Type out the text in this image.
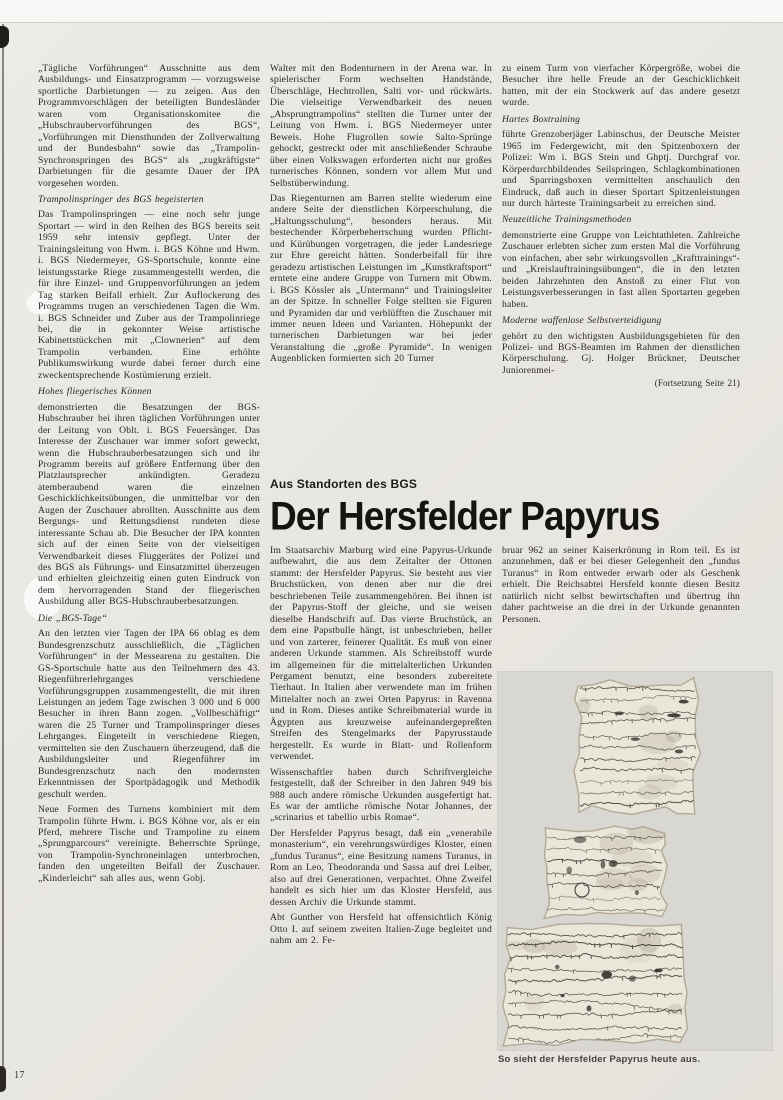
„Tägliche Vorführungen“ Ausschnitte aus dem Ausbildungs- und Einsatzprogramm — vorzugsweise sportliche Darbietungen — zu zeigen. Aus den Programmvorschlägen der beteiligten Bundesländer waren vom Organisationskomitee die „Hubschraubervorführungen des BGS“, „Vorführungen mit Diensthunden der Zollverwaltung und der Bundesbahn“ sowie das „Trampolin-Synchronspringen des BGS“ als „zugkräftigste“ Darbietungen für die gesamte Dauer der IPA vorgesehen worden.

Trampolinspringer des BGS begeisterten

Das Trampolinspringen — eine noch sehr junge Sportart — wird in den Reihen des BGS bereits seit 1959 sehr intensiv gepflegt. Unter der Trainingsleitung von Hwm. i. BGS Köhne und Hwm. i. BGS Niedermeyer, GS-Sportschule, konnte eine leistungsstarke Riege zusammengestellt werden, die für ihre Einzel- und Gruppenvorführungen an jedem Tag starken Beifall erhielt. Zur Auflockerung des Programms trugen an verschiedenen Tagen die Wm. i. BGS Schneider und Zuber aus der Trampolinriege bei, die in gekonnter Weise artistische Kabinettstückchen mit „Clownerien“ auf dem Trampolin verbanden. Eine erhöhte Publikumswirkung wurde dabei ferner durch eine zweckentsprechende Kostümierung erzielt.

Hohes fliegerisches Können

demonstrierten die Besatzungen der BGS-Hubschrauber bei ihren täglichen Vorführungen unter der Leitung von Oblt. i. BGS Feuersänger. Das Interesse der Zuschauer war immer sofort geweckt, wenn die Hubschrauberbesatzungen sich und ihr Programm bereits auf größere Entfernung über den Platzlautsprecher ankündigten. Geradezu atemberaubend waren die einzelnen Geschicklichkeitsübungen, die unmittelbar vor den Augen der Zuschauer abrollten. Ausschnitte aus dem Bergungs- und Rettungsdienst rundeten diese interessante Schau ab. Die Besucher der IPA konnten sich auf der einen Seite von der vielseitigen Verwendbarkeit dieses Fluggerätes der Polizei und des BGS als Führungs- und Einsatzmittel überzeugen und erhielten gleichzeitig einen guten Eindruck von dem hervorragenden Stand der fliegerischen Ausbildung aller BGS-Hubschrauberbesatzungen.

Die „BGS-Tage“

An den letzten vier Tagen der IPA 66 oblag es dem Bundesgrenzschutz ausschließlich, die „Täglichen Vorführungen“ in der Messearena zu gestalten. Die GS-Sportschule hatte aus den Teilnehmern des 43. Riegenführerlehrganges verschiedene Vorführungsgruppen zusammengestellt, die mit ihren Leistungen an jedem Tage zwischen 3 000 und 6 000 Besucher in ihren Bann zogen. „Vollbeschäftigt“ waren die 25 Turner und Trampolinspringer dieses Lehrganges. Eingeteilt in verschiedene Riegen, vermittelten sie den Zuschauern überzeugend, daß die Ausbildungsleiter und Riegenführer im Bundesgrenzschutz nach den modernsten Erkenntnissen der Sportpädagogik und Methodik geschult werden.

Neue Formen des Turnens kombiniert mit dem Trampolin führte Hwm. i. BGS Köhne vor, als er ein Pferd, mehrere Tische und Trampoline zu einem „Sprungparcours“ vereinigte. Beherrschte Sprünge, von Trampolin-Synchroneinlagen unterbrochen, fanden den ungeteilten Beifall der Zuschauer. „Kinderleicht“ sah alles aus, wenn Gobj.

Walter mit den Bodenturnern in der Arena war. In spielerischer Form wechselten Handstände, Überschläge, Hechtrollen, Salti vor- und rückwärts. Die vielseitige Verwendbarkeit des neuen „Absprungtrampolins“ stellten die Turner unter der Leitung von Hwm. i. BGS Niedermeyer unter Beweis. Hohe Flugrollen sowie Salto-Sprünge gehockt, gestreckt oder mit anschließender Schraube über einen Volkswagen erforderten nicht nur großes turnerisches Können, sondern vor allem Mut und Selbstüberwindung.

Das Riegenturnen am Barren stellte wiederum eine andere Seite der dienstlichen Körperschulung, die „Haltungsschulung“, besonders heraus. Mit bestechender Körperbeherrschung wurden Pflicht- und Kürübungen vorgetragen, die jeder Landesriege zur Ehre gereicht hätten. Sonderbeifall für ihre geradezu artistischen Leistungen im „Kunstkraftsport“ erntete eine andere Gruppe von Turnern mit Obwm. i. BGS Kössler als „Untermann“ und Trainingsleiter an der Spitze. In schneller Folge stellten sie Figuren und Pyramiden dar und verblüfften die Zuschauer mit immer neuen Ideen und Varianten. Höhepunkt der turnerischen Darbietungen war bei jeder Veranstaltung die „große Pyramide“. In wenigen Augenblicken formierten sich 20 Turner

zu einem Turm von vierfacher Körpergröße, wobei die Besucher ihre helle Freude an der Geschicklichkeit hatten, mit der ein Stockwerk auf das andere gesetzt wurde.

Hartes Boxtraining

führte Grenzoberjäger Labinschus, der Deutsche Meister 1965 im Federgewicht, mit den Spitzenboxern der Polizei: Wm i. BGS Stein und Ghptj. Durchgraf vor. Körperdurchbildendes Seilspringen, Schlagkombinationen und Sparringsboxen vermittelten anschaulich den Eindruck, daß auch in dieser Sportart Spitzenleistungen nur durch härteste Trainingsarbeit zu erreichen sind.

Neuzeitliche Trainingsmethoden

demonstrierte eine Gruppe von Leichtathleten. Zahlreiche Zuschauer erlebten sicher zum ersten Mal die Vorführung von einfachen, aber sehr wirkungsvollen „Krafttrainings“- und „Kreislauftrainingsübungen“, die in den letzten beiden Jahrzehnten den Anstoß zu einer Flut von Leistungsverbesserungen in fast allen Sportarten gegeben haben.

Moderne waffenlose Selbstverteidigung

gehört zu den wichtigsten Ausbildungsgebieten für den Polizei- und BGS-Beamten im Rahmen der dienstlichen Körperschulung. Gj. Holger Brückner, Deutscher Juniorenmei-

(Fortsetzung Seite 21)

Aus Standorten des BGS

Der Hersfelder Papyrus

Im Staatsarchiv Marburg wird eine Papyrus-Urkunde aufbewahrt, die aus dem Zeitalter der Ottonen stammt: der Hersfelder Papyrus. Sie besteht aus vier Bruchstücken, von denen aber nur die drei beschriebenen Teile zusammengehören. Bei ihnen ist der Papyrus-Stoff der gleiche, und sie weisen dieselbe Handschrift auf. Das vierte Bruchstück, an dem eine Papstbulle hängt, ist unbeschrieben, heller und von zarterer, feinerer Qualität. Es muß von einer anderen Urkunde stammen. Als Schreibstoff wurde im allgemeinen für die mittelalterlichen Urkunden Pergament benutzt, eine besonders zubereitete Tierhaut. In Italien aber verwendete man im frühen Mittelalter noch an zwei Orten Papyrus: in Ravenna und in Rom. Dieses antike Schreibmaterial wurde in Ägypten aus kreuzweise aufeinandergepreßten Streifen des Stengelmarks der Papyrusstaude hergestellt. Es wurde in Blatt- und Rollenform verwendet.

Wissenschaftler haben durch Schriftvergleiche festgestellt, daß der Schreiber in den Jahren 949 bis 988 auch andere römische Urkunden ausgefertigt hat. Es war der amtliche römische Notar Johannes, der „scrinarius et tabellio urbis Romae“.

Der Hersfelder Papyrus besagt, daß ein „venerabile monasterium“, ein verehrungswürdiges Kloster, einen „fundus Turanus“, eine Besitzung namens Turanus, in Rom an Leo, Theodoranda und Sassa auf drei Leiber, also auf drei Generationen, verpachtet. Ohne Zweifel handelt es sich hier um das Kloster Hersfeld, aus dessen Archiv die Urkunde stammt.

Abt Gunther von Hersfeld hat offensichtlich König Otto I. auf seinem zweiten Italien-Zuge begleitet und nahm am 2. Fe-

bruar 962 an seiner Kaiserkrönung in Rom teil. Es ist anzunehmen, daß er bei dieser Gelegenheit den „fundus Turanus“ in Rom entweder erwarb oder als Geschenk erhielt. Die Reichsabtei Hersfeld konnte diesen Besitz natürlich nicht selbst bewirtschaften und übertrug ihn daher pachtweise an die drei in der Urkunde genannten Personen.

So sieht der Hersfelder Papyrus heute aus.
17
